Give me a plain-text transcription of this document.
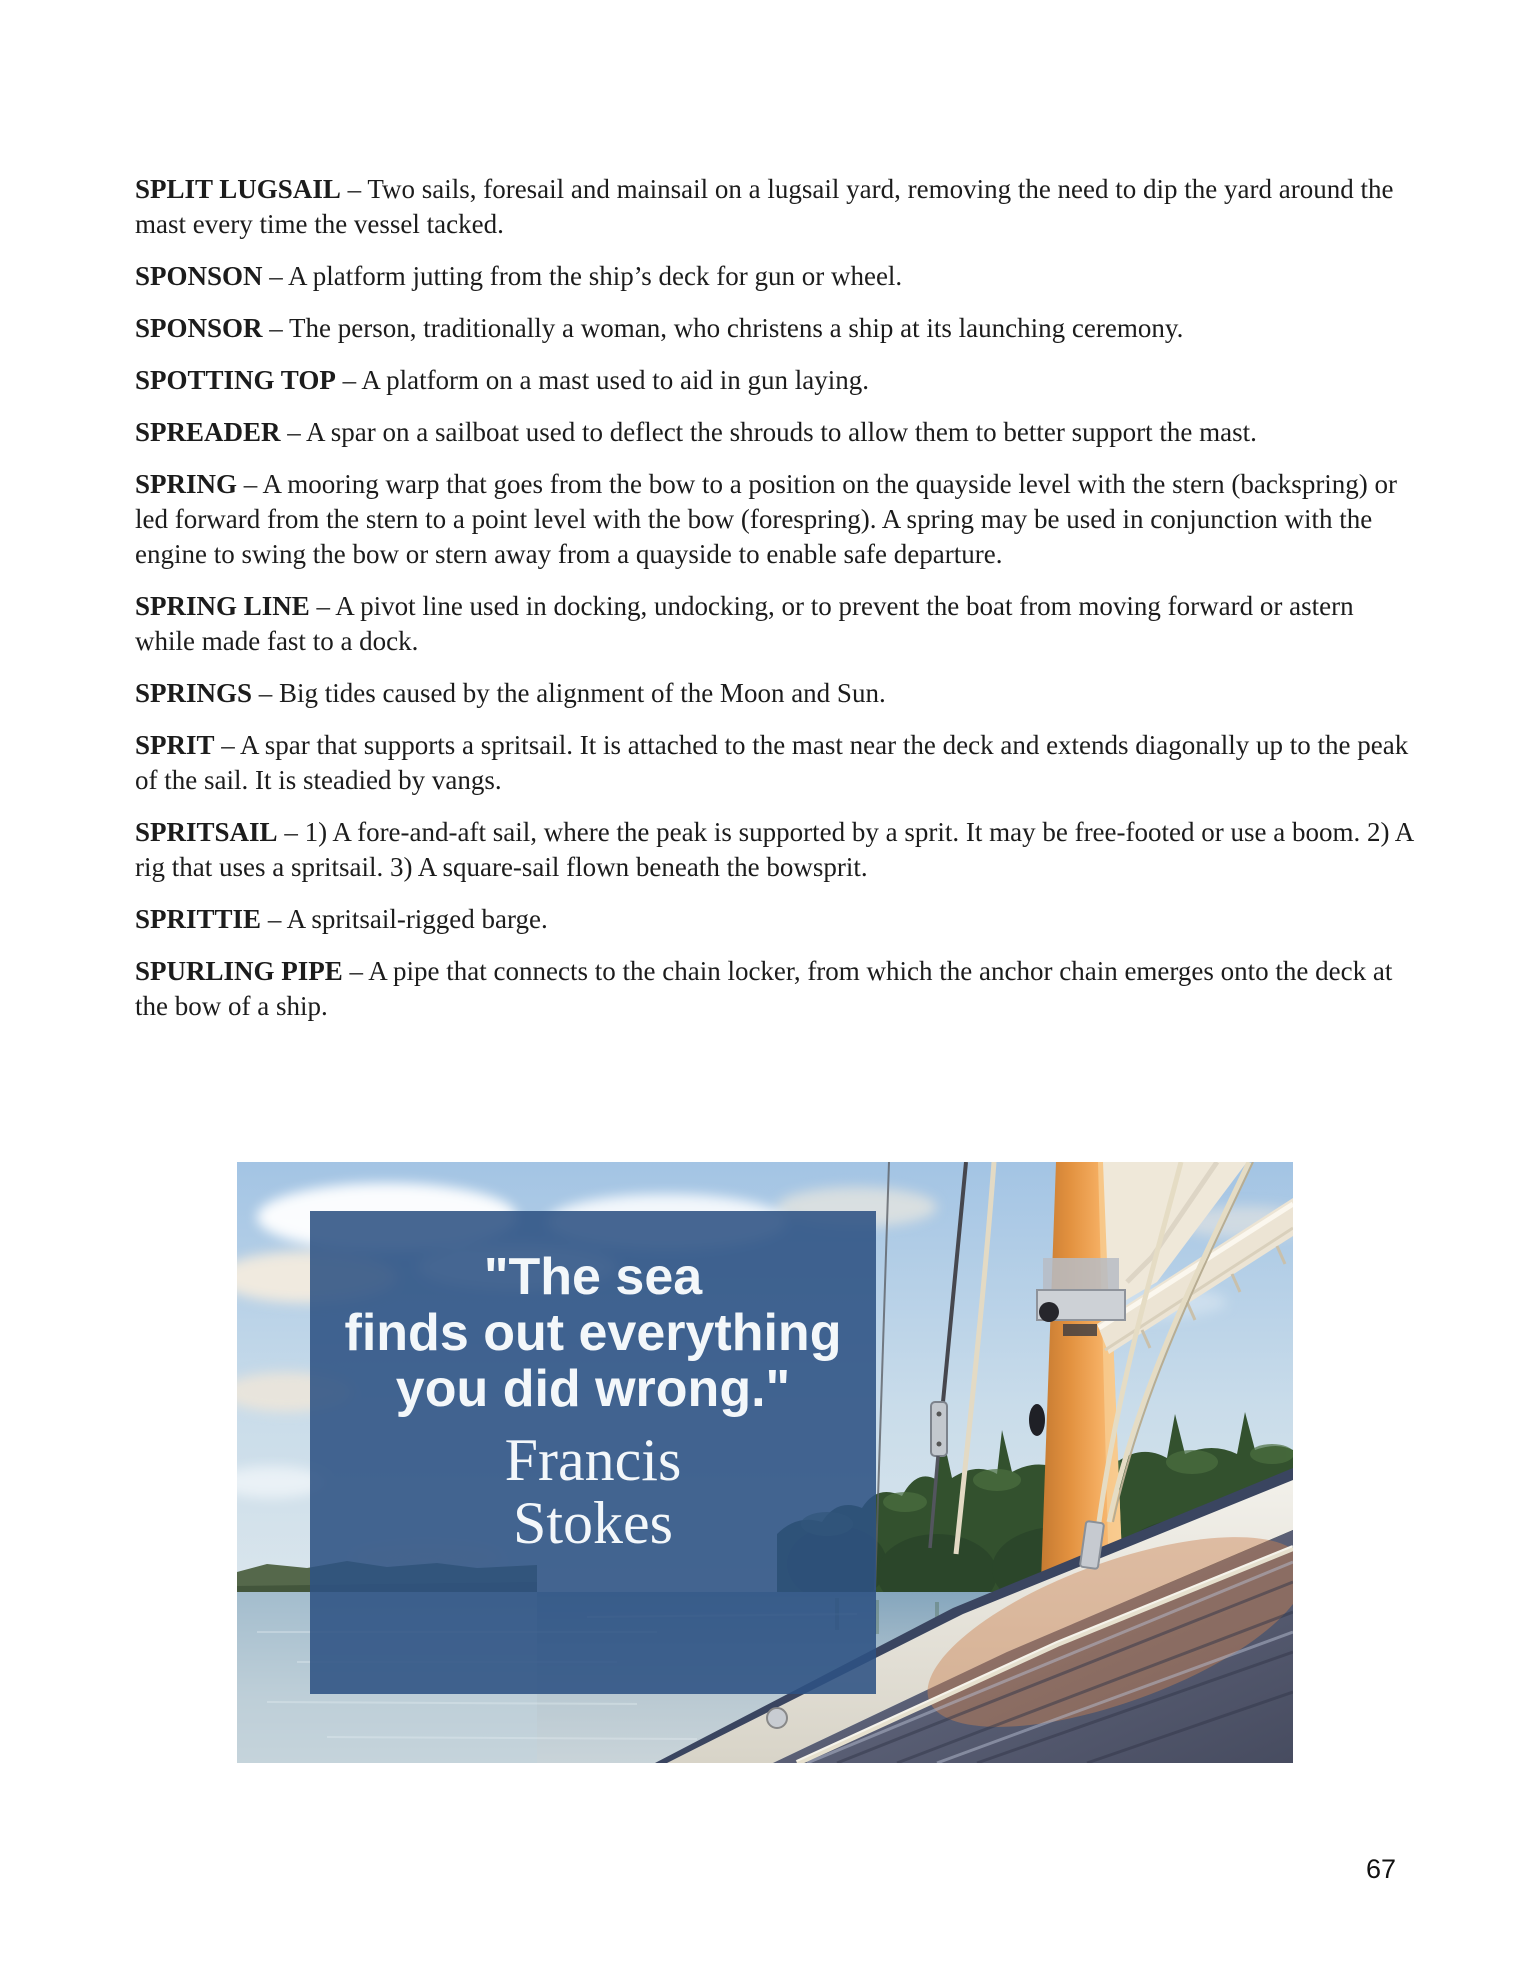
SPLIT LUGSAIL – Two sails, foresail and mainsail on a lugsail yard, removing the need to dip the yard around the mast every time the vessel tacked.

SPONSON – A platform jutting from the ship’s deck for gun or wheel.

SPONSOR – The person, traditionally a woman, who christens a ship at its launching ceremony.

SPOTTING TOP – A platform on a mast used to aid in gun laying.

SPREADER – A spar on a sailboat used to deflect the shrouds to allow them to better support the mast.

SPRING – A mooring warp that goes from the bow to a position on the quayside level with the stern (backspring) or led forward from the stern to a point level with the bow (forespring). A spring may be used in conjunction with the engine to swing the bow or stern away from a quayside to enable safe departure.

SPRING LINE – A pivot line used in docking, undocking, or to prevent the boat from moving forward or astern while made fast to a dock.

SPRINGS – Big tides caused by the alignment of the Moon and Sun.

SPRIT – A spar that supports a spritsail. It is attached to the mast near the deck and extends diagonally up to the peak of the sail. It is steadied by vangs.

SPRITSAIL – 1) A fore-and-aft sail, where the peak is supported by a sprit. It may be free-footed or use a boom. 2) A rig that uses a spritsail. 3) A square-sail flown beneath the bowsprit.

SPRITTIE – A spritsail-rigged barge.

SPURLING PIPE – A pipe that connects to the chain locker, from which the anchor chain emerges onto the deck at the bow of a ship.

"The sea
finds out everything
you did wrong."
Francis
Stokes
67
